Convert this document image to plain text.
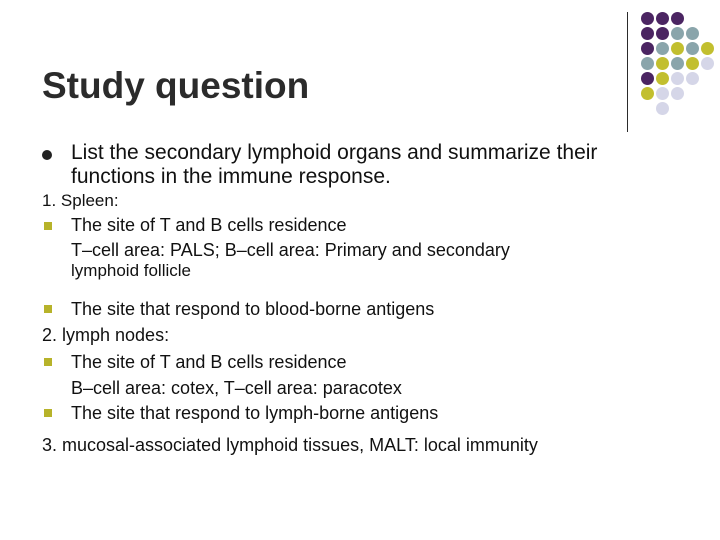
Study question
List the secondary lymphoid organs and summarize their
functions in the immune response.
1. Spleen:
The site of T and B cells residence
T–cell area: PALS; B–cell area: Primary and secondary
lymphoid follicle
The site that respond to blood-borne antigens
2. lymph nodes:
The site of T and B cells residence
B–cell area: cotex, T–cell area: paracotex
The site that respond to lymph-borne antigens
3. mucosal-associated lymphoid tissues, MALT: local immunity
